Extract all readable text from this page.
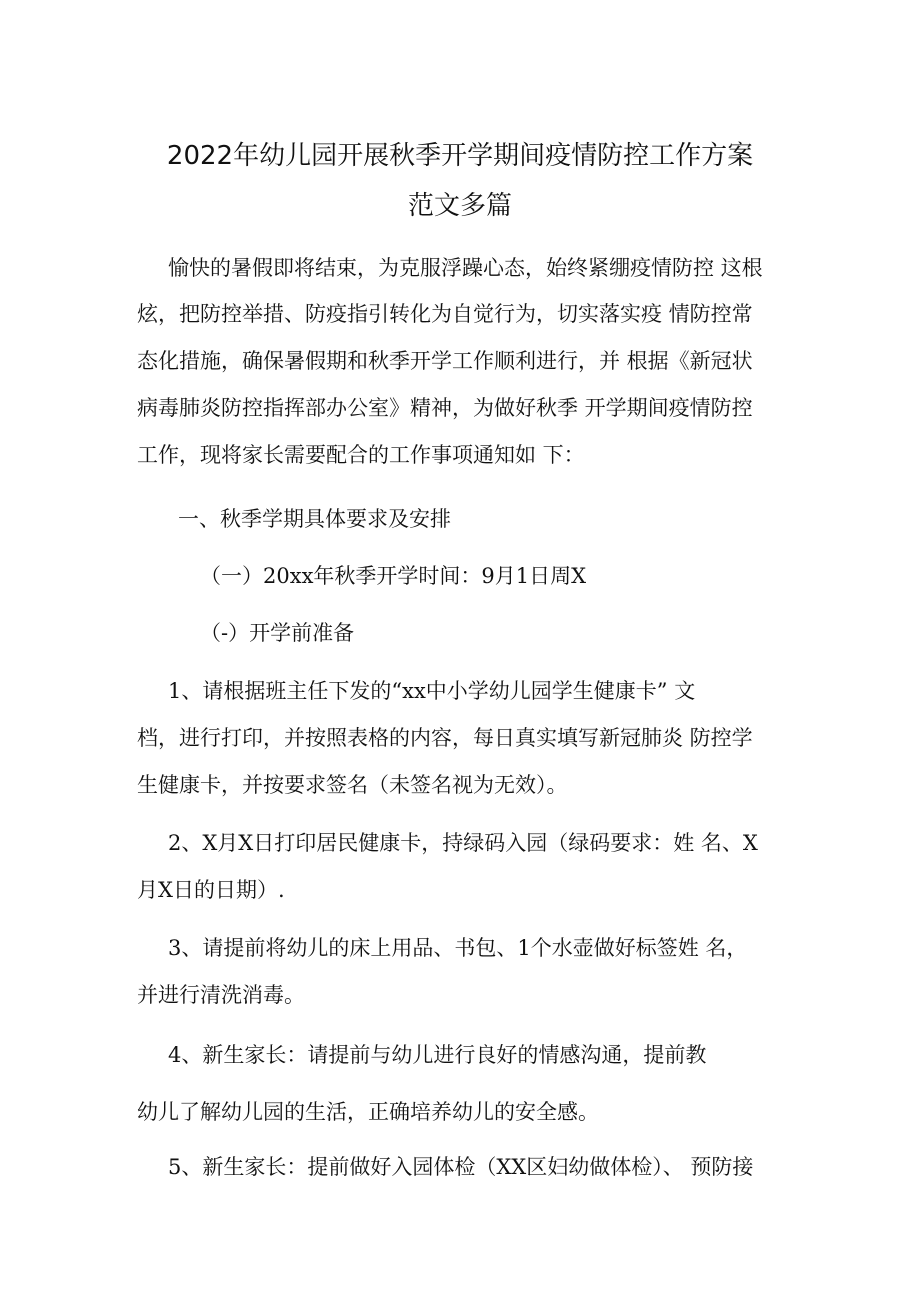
2022年幼儿园开展秋季开学期间疫情防控工作方案
范文多篇
愉快的暑假即将结束，为克服浮躁心态，始终紧绷疫情防控 这根
炫，把防控举措、防疫指引转化为自觉行为，切实落实疫 情防控常
态化措施，确保暑假期和秋季开学工作顺利进行，并 根据《新冠状
病毒肺炎防控指挥部办公室》精神，为做好秋季 开学期间疫情防控
工作，现将家长需要配合的工作事项通知如 下：
一、秋季学期具体要求及安排
（一）20xx年秋季开学时间：9月1日周X
（-）开学前准备
1、请根据班主任下发的“xx中小学幼儿园学生健康卡” 文
档，进行打印，并按照表格的内容，每日真实填写新冠肺炎 防控学
生健康卡，并按要求签名（未签名视为无效）。
2、X月X日打印居民健康卡，持绿码入园（绿码要求：姓 名、X
月X日的日期）.
3、请提前将幼儿的床上用品、书包、1个水壶做好标签姓 名，
并进行清洗消毒。
4、新生家长：请提前与幼儿进行良好的情感沟通，提前教
幼儿了解幼儿园的生活，正确培养幼儿的安全感。
5、新生家长：提前做好入园体检（XX区妇幼做体检）、 预防接
